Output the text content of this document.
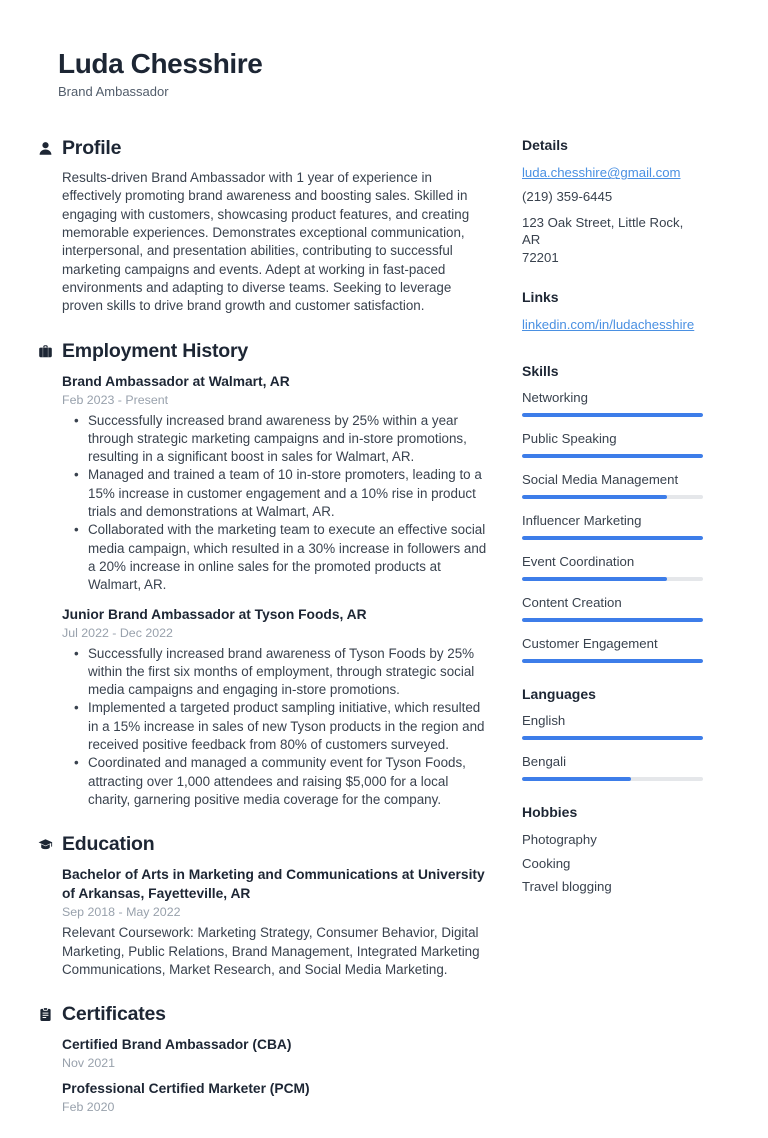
Luda Chesshire
Brand Ambassador
Profile

Results-driven Brand Ambassador with 1 year of experience in effectively promoting brand awareness and boosting sales. Skilled in engaging with customers, showcasing product features, and creating memorable experiences. Demonstrates exceptional communication, interpersonal, and presentation abilities, contributing to successful marketing campaigns and events. Adept at working in fast-paced environments and adapting to diverse teams. Seeking to leverage proven skills to drive brand growth and customer satisfaction.

Employment History
Brand Ambassador at Walmart, AR
Feb 2023 - Present
• Successfully increased brand awareness by 25% within a year through strategic marketing campaigns and in-store promotions, resulting in a significant boost in sales for Walmart, AR.
• Managed and trained a team of 10 in-store promoters, leading to a 15% increase in customer engagement and a 10% rise in product trials and demonstrations at Walmart, AR.
• Collaborated with the marketing team to execute an effective social media campaign, which resulted in a 30% increase in followers and a 20% increase in online sales for the promoted products at Walmart, AR.
Junior Brand Ambassador at Tyson Foods, AR
Jul 2022 - Dec 2022
• Successfully increased brand awareness of Tyson Foods by 25% within the first six months of employment, through strategic social media campaigns and engaging in-store promotions.
• Implemented a targeted product sampling initiative, which resulted in a 15% increase in sales of new Tyson products in the region and received positive feedback from 80% of customers surveyed.
• Coordinated and managed a community event for Tyson Foods, attracting over 1,000 attendees and raising $5,000 for a local charity, garnering positive media coverage for the company.
Education
Bachelor of Arts in Marketing and Communications at University of Arkansas, Fayetteville, AR
Sep 2018 - May 2022

Relevant Coursework: Marketing Strategy, Consumer Behavior, Digital Marketing, Public Relations, Brand Management, Integrated Marketing Communications, Market Research, and Social Media Marketing.

Certificates
Certified Brand Ambassador (CBA)
Nov 2021
Professional Certified Marketer (PCM)
Feb 2020
Details
luda.chesshire@gmail.com
(219) 359-6445
123 Oak Street, Little Rock, AR
72201
Links
linkedin.com/in/ludachesshire
Skills
Networking
Public Speaking
Social Media Management
Influencer Marketing
Event Coordination
Content Creation
Customer Engagement
Languages
English
Bengali
Hobbies
Photography
Cooking
Travel blogging
